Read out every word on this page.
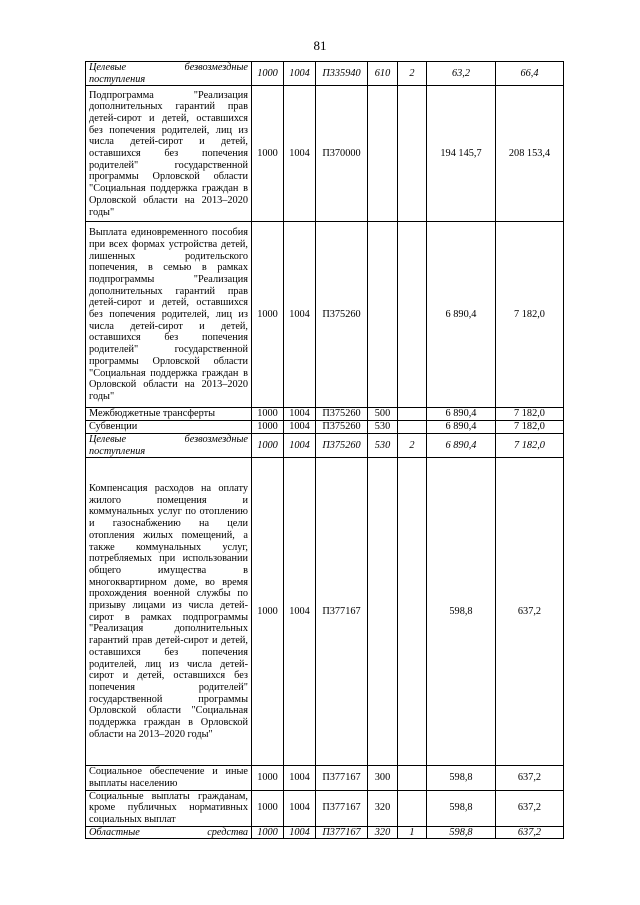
81
Целевые безвозмездные поступления	1000	1004	П335940	610	2	63,2	66,4
Подпрограмма "Реализация дополнительных гарантий прав детей-сирот и детей, оставшихся без попечения родителей, лиц из числа детей-сирот и детей, оставшихся без попечения родителей" государственной программы Орловской области "Социальная поддержка граждан в Орловской области на 2013–2020 годы"	1000	1004	П370000			194 145,7	208 153,4
Выплата единовременного пособия при всех формах устройства детей, лишенных родительского попечения, в семью в рамках подпрограммы "Реализация дополнительных гарантий прав детей-сирот и детей, оставшихся без попечения родителей, лиц из числа детей-сирот и детей, оставшихся без попечения родителей" государственной программы Орловской области "Социальная поддержка граждан в Орловской области на 2013–2020 годы"	1000	1004	П375260			6 890,4	7 182,0
Межбюджетные трансферты	1000	1004	П375260	500		6 890,4	7 182,0
Субвенции	1000	1004	П375260	530		6 890,4	7 182,0
Целевые безвозмездные поступления	1000	1004	П375260	530	2	6 890,4	7 182,0
Компенсация расходов на оплату жилого помещения и коммунальных услуг по отоплению и газоснабжению на цели отопления жилых помещений, а также коммунальных услуг, потребляемых при использовании общего имущества в многоквартирном доме, во время прохождения военной службы по призыву лицами из числа детей-сирот в рамках подпрограммы "Реализация дополнительных гарантий прав детей-сирот и детей, оставшихся без попечения родителей, лиц из числа детей-сирот и детей, оставшихся без попечения родителей" государственной программы Орловской области "Социальная поддержка граждан в Орловской области на 2013–2020 годы"	1000	1004	П377167			598,8	637,2
Социальное обеспечение и иные выплаты населению	1000	1004	П377167	300		598,8	637,2
Социальные выплаты гражданам, кроме публичных нормативных социальных выплат	1000	1004	П377167	320		598,8	637,2
Областные средства	1000	1004	П377167	320	1	598,8	637,2
